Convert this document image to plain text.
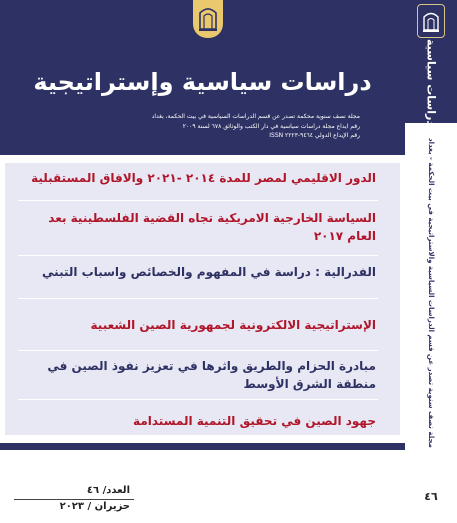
دراسات سياسية وإستراتيجية
مجلة نصف سنوية محكمة تصدر عن قسم الدراسات السياسية في بيت الحكمة، بغداد
رقم ايداع مجلة دراسات سياسية في دار الكتب والوثائق ٦٧٨ لسنة ٢٠٠٩
رقم الإيداع الدولي ٩٤٦٤-٢٢٢٣ ISSN
الدور الاقليمي لمصر للمدة ٢٠١٤ -٢٠٢١ والافاق المستقبلية
السياسة الخارجية الامريكية تجاه القضية الفلسطينية بعد العام ٢٠١٧
الفدرالية : دراسة في المفهوم والخصائص واسباب التبني
الإستراتيجية الالكترونية لجمهورية الصين الشعبية
مبادرة الحزام والطريق واثرها في تعزيز نفوذ الصين في منطقة الشرق الأوسط
جهود الصين في تحقيق التنمية المستدامة
العدد/ ٤٦
حزيران / ٢٠٢٣
دراسات سياسية
مجلة نصف سنوية تصدر عن قسم الدراسات السياسية والاستراتيجية في بيت الحكمة - بغداد
٤٦
